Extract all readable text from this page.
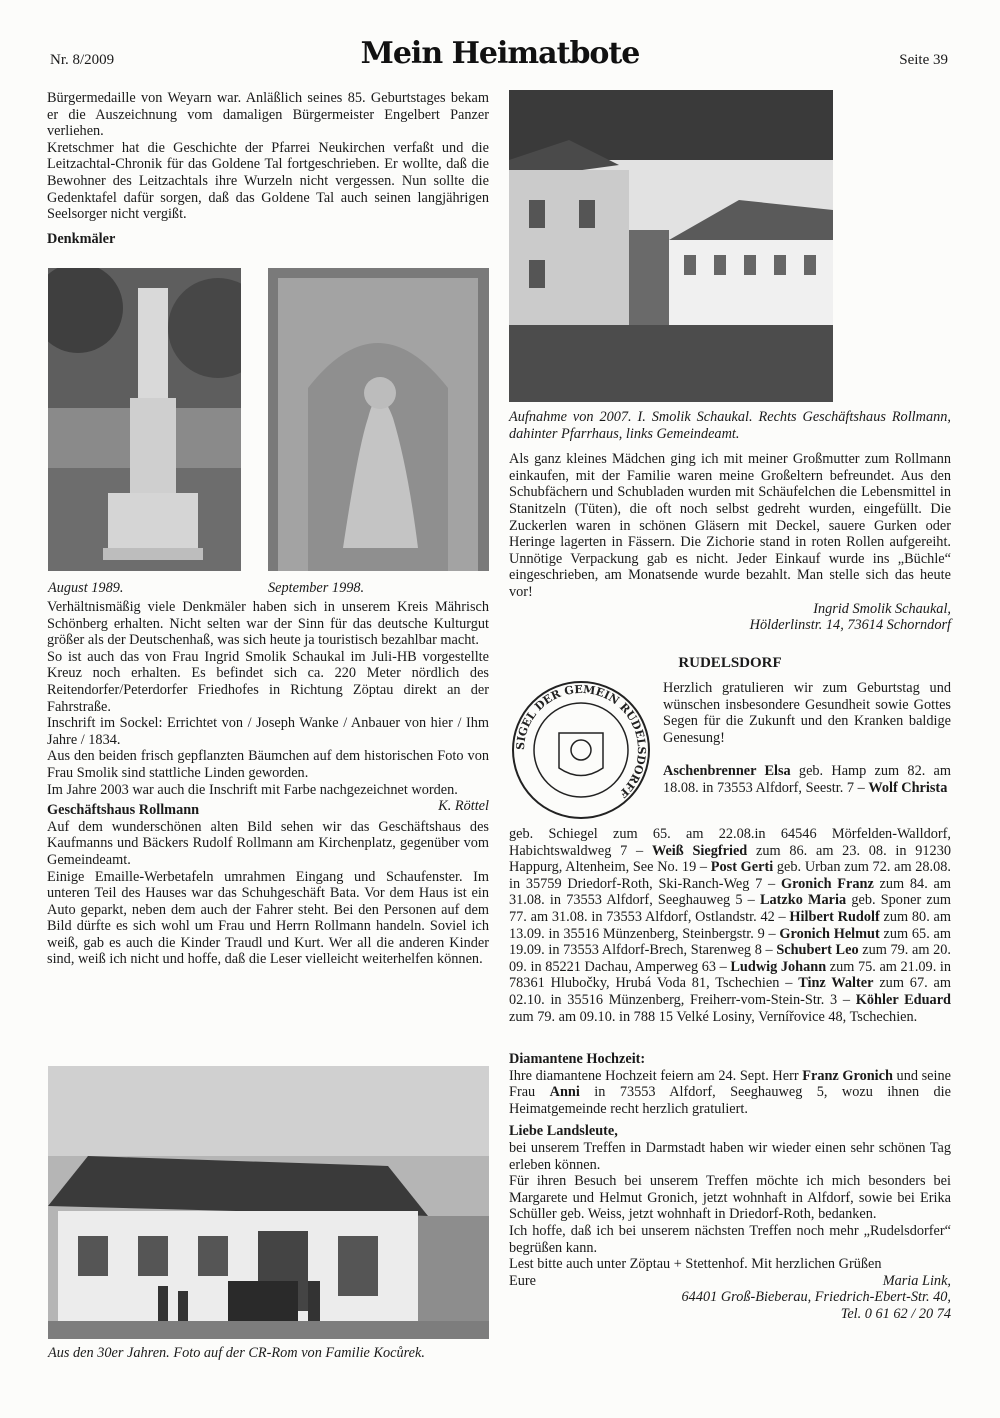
Nr. 8/2009	Mein Heimatbote	Seite 39

Bürgermedaille von Weyarn war. Anläßlich seines 85. Geburtstages bekam er die Auszeichnung vom damaligen Bürgermeister Engelbert Panzer verliehen.

Kretschmer hat die Geschichte der Pfarrei Neukirchen verfaßt und die Leitzachtal-Chronik für das Goldene Tal fortgeschrieben. Er wollte, daß die Bewohner des Leitzachtals ihre Wurzeln nicht vergessen. Nun sollte die Gedenktafel dafür sorgen, daß das Goldene Tal auch seinen langjährigen Seelsorger nicht vergißt.

Denkmäler

August 1989.	September 1998.

Verhältnismäßig viele Denkmäler haben sich in unserem Kreis Mährisch Schönberg erhalten. Nicht selten war der Sinn für das deutsche Kulturgut größer als der Deutschenhaß, was sich heute ja touristisch bezahlbar macht.

So ist auch das von Frau Ingrid Smolik Schaukal im Juli-HB vorgestellte Kreuz noch erhalten. Es befindet sich ca. 220 Meter nördlich des Reitendorfer/Peterdorfer Friedhofes in Richtung Zöptau direkt an der Fahrstraße.

Inschrift im Sockel: Errichtet von / Joseph Wanke / Anbauer von hier / Ihm Jahre / 1834.

Aus den beiden frisch gepflanzten Bäumchen auf dem historischen Foto von Frau Smolik sind stattliche Linden geworden.

Im Jahre 2003 war auch die Inschrift mit Farbe nachgezeichnet worden.
K. Röttel

Geschäftshaus Rollmann

Auf dem wunderschönen alten Bild sehen wir das Geschäftshaus des Kaufmanns und Bäckers Rudolf Rollmann am Kirchenplatz, gegenüber vom Gemeindeamt.

Einige Emaille-Werbetafeln umrahmen Eingang und Schaufenster. Im unteren Teil des Hauses war das Schuhgeschäft Bata. Vor dem Haus ist ein Auto geparkt, neben dem auch der Fahrer steht. Bei den Personen auf dem Bild dürfte es sich wohl um Frau und Herrn Rollmann handeln. Soviel ich weiß, gab es auch die Kinder Traudl und Kurt. Wer all die anderen Kinder sind, weiß ich nicht und hoffe, daß die Leser vielleicht weiterhelfen können.

Aus den 30er Jahren. Foto auf der CR-Rom von Familie Kocůrek.

Aufnahme von 2007. I. Smolik Schaukal. Rechts Geschäftshaus Rollmann, dahinter Pfarrhaus, links Gemeindeamt.

Als ganz kleines Mädchen ging ich mit meiner Großmutter zum Rollmann einkaufen, mit der Familie waren meine Großeltern befreundet. Aus den Schubfächern und Schubladen wurden mit Schäufelchen die Lebensmittel in Stanitzeln (Tüten), die oft noch selbst gedreht wurden, eingefüllt. Die Zuckerlen waren in schönen Gläsern mit Deckel, sauere Gurken oder Heringe lagerten in Fässern. Die Zichorie stand in roten Rollen aufgereiht. Unnötige Verpackung gab es nicht. Jeder Einkauf wurde ins „Büchle“ eingeschrieben, am Monatsende wurde bezahlt. Man stelle sich das heute vor!

Ingrid Smolik Schaukal,

Hölderlinstr. 14, 73614 Schorndorf

RUDELSDORF
SIGEL DER GEMEIN RUDELSDORFF

Herzlich gratulieren wir zum Geburtstag und wünschen insbesondere Gesundheit sowie Gottes Segen für die Zukunft und den Kranken baldige Genesung!

Aschenbrenner Elsa geb. Hamp zum 82. am 18.08. in 73553 Alfdorf, Seestr. 7 – Wolf Christa

Diamantene Hochzeit:

Ihre diamantene Hochzeit feiern am 24. Sept. Herr Franz Gronich und seine Frau Anni in 73553 Alfdorf, Seeghauweg 5, wozu ihnen die Heimatgemeinde recht herzlich gratuliert.

Liebe Landsleute,

bei unserem Treffen in Darmstadt haben wir wieder einen sehr schönen Tag erleben können.

Für ihren Besuch bei unserem Treffen möchte ich mich besonders bei Margarete und Helmut Gronich, jetzt wohnhaft in Alfdorf, sowie bei Erika Schüller geb. Weiss, jetzt wohnhaft in Driedorf-Roth, bedanken.

Ich hoffe, daß ich bei unserem nächsten Treffen noch mehr „Rudelsdorfer“ begrüßen kann.

Lest bitte auch unter Zöptau + Stettenhof. Mit herzlichen Grüßen

Eure	Maria Link,

64401 Groß-Bieberau, Friedrich-Ebert-Str. 40,

Tel. 0 61 62 / 20 74

geb. Schiegel zum 65. am 22.08.in 64546 Mörfelden-Walldorf, Habichtswaldweg 7 – Weiß Siegfried zum 86. am 23. 08. in 91230 Happurg, Altenheim, See No. 19 – Post Gerti geb. Urban zum 72. am 28.08. in 35759 Driedorf-Roth, Ski-Ranch-Weg 7 – Gronich Franz zum 84. am 31.08. in 73553 Alfdorf, Seeghauweg 5 – Latzko Maria geb. Sponer zum 77. am 31.08. in 73553 Alfdorf, Ostlandstr. 42 – Hilbert Rudolf zum 80. am 13.09. in 35516 Münzenberg, Steinbergstr. 9 – Gronich Helmut zum 65. am 19.09. in 73553 Alfdorf-Brech, Starenweg 8 – Schubert Leo zum 79. am 20. 09. in 85221 Dachau, Amperweg 63 – Ludwig Johann zum 75. am 21.09. in 78361 Hlubočky, Hrubá Voda 81, Tschechien – Tinz Walter zum 67. am 02.10. in 35516 Münzenberg, Freiherr-vom-Stein-Str. 3 – Köhler Eduard zum 79. am 09.10. in 788 15 Velké Losiny, Vernířovice 48, Tschechien.
